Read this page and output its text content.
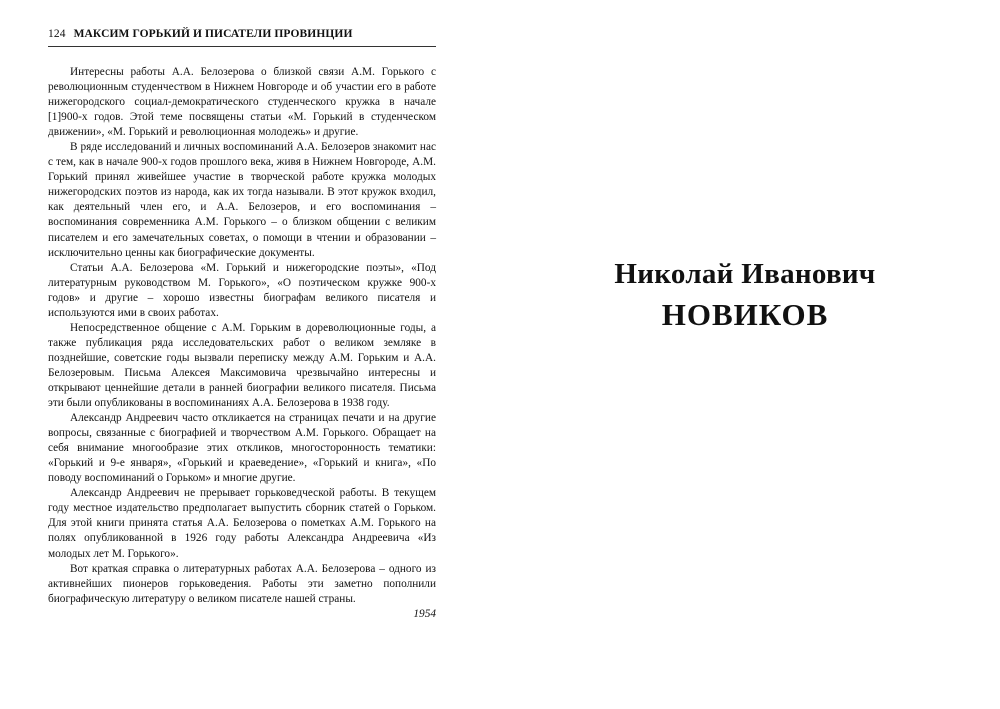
124 МАКСИМ ГОРЬКИЙ И ПИСАТЕЛИ ПРОВИНЦИИ

Интересны работы А.А. Белозерова о близкой связи А.М. Горького с революционным студенчеством в Нижнем Новгороде и об участии его в работе нижегородского социал-демократического студенческого кружка в начале [1]900-х годов. Этой теме посвящены статьи «М. Горький в студенческом движении», «М. Горький и революционная молодежь» и другие.

В ряде исследований и личных воспоминаний А.А. Белозеров знакомит нас с тем, как в начале 900-х годов прошлого века, живя в Нижнем Новгороде, А.М. Горький принял живейшее участие в творческой работе кружка молодых нижегородских поэтов из народа, как их тогда называли. В этот кружок входил, как деятельный член его, и А.А. Белозеров, и его воспоминания – воспоминания современника А.М. Горького – о близком общении с великим писателем и его замечательных советах, о помощи в чтении и образовании – исключительно ценны как биографические документы.

Статьи А.А. Белозерова «М. Горький и нижегородские поэты», «Под литературным руководством М. Горького», «О поэтическом кружке 900-х годов» и другие – хорошо известны биографам великого писателя и используются ими в своих работах.

Непосредственное общение с А.М. Горьким в дореволюционные годы, а также публикация ряда исследовательских работ о великом земляке в позднейшие, советские годы вызвали переписку между А.М. Горьким и А.А. Белозеровым. Письма Алексея Максимовича чрезвычайно интересны и открывают ценнейшие детали в ранней биографии великого писателя. Письма эти были опубликованы в воспоминаниях А.А. Белозерова в 1938 году.

Александр Андреевич часто откликается на страницах печати и на другие вопросы, связанные с биографией и творчеством А.М. Горького. Обращает на себя внимание многообразие этих откликов, многосторонность тематики: «Горький и 9-е января», «Горький и краеведение», «Горький и книга», «По поводу воспоминаний о Горьком» и многие другие.

Александр Андреевич не прерывает горьковедческой работы. В текущем году местное издательство предполагает выпустить сборник статей о Горьком. Для этой книги принята статья А.А. Белозерова о пометках А.М. Горького на полях опубликованной в 1926 году работы Александра Андреевича «Из молодых лет М. Горького».

Вот краткая справка о литературных работах А.А. Белозерова – одного из активнейших пионеров горьковедения. Работы эти заметно пополнили биографическую литературу о великом писателе нашей страны.

1954
Николай Иванович
НОВИКОВ
